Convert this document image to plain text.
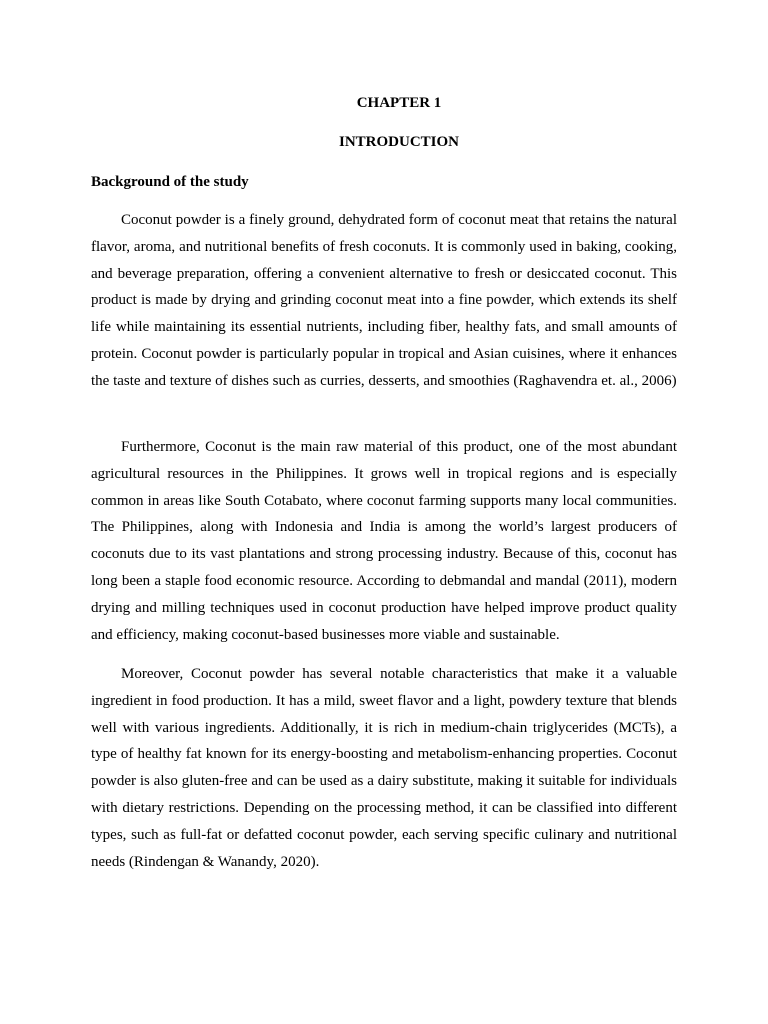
CHAPTER 1
INTRODUCTION
Background of the study

Coconut powder is a finely ground, dehydrated form of coconut meat that retains the natural flavor, aroma, and nutritional benefits of fresh coconuts. It is commonly used in baking, cooking, and beverage preparation, offering a convenient alternative to fresh or desiccated coconut. This product is made by drying and grinding coconut meat into a fine powder, which extends its shelf life while maintaining its essential nutrients, including fiber, healthy fats, and small amounts of protein. Coconut powder is particularly popular in tropical and Asian cuisines, where it enhances the taste and texture of dishes such as curries, desserts, and smoothies (Raghavendra et. al., 2006)

Furthermore, Coconut is the main raw material of this product, one of the most abundant agricultural resources in the Philippines. It grows well in tropical regions and is especially common in areas like South Cotabato, where coconut farming supports many local communities. The Philippines, along with Indonesia and India is among the world’s largest producers of coconuts due to its vast plantations and strong processing industry. Because of this, coconut has long been a staple food economic resource. According to debmandal and mandal (2011), modern drying and milling techniques used in coconut production have helped improve product quality and efficiency, making coconut-based businesses more viable and sustainable.

Moreover, Coconut powder has several notable characteristics that make it a valuable ingredient in food production. It has a mild, sweet flavor and a light, powdery texture that blends well with various ingredients. Additionally, it is rich in medium-chain triglycerides (MCTs), a type of healthy fat known for its energy-boosting and metabolism-enhancing properties. Coconut powder is also gluten-free and can be used as a dairy substitute, making it suitable for individuals with dietary restrictions. Depending on the processing method, it can be classified into different types, such as full-fat or defatted coconut powder, each serving specific culinary and nutritional needs (Rindengan & Wanandy, 2020).
